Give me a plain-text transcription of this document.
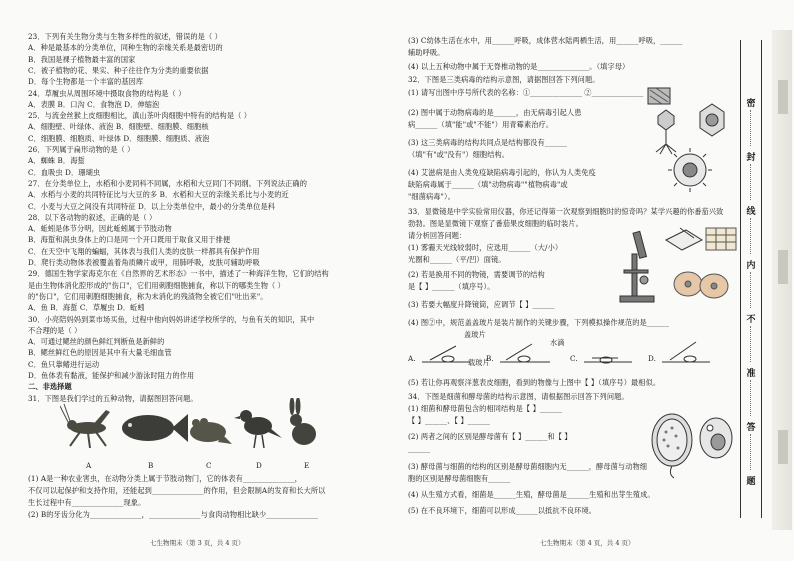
23．下列有关生物分类与生物多样性的叙述，错误的是（ ）
A．种是最基本的分类单位，同种生物的亲缘关系是最密切的
B．我国是裸子植物最丰富的国家
C．被子植物的花、果实、种子往往作为分类的重要依据
D．每个生物都是一个丰富的基因库
24．草履虫从周围环境中摄取食物的结构是（ ）
A．表膜 B．口沟 C．食物泡 D．伸缩泡
25．与流金丝猴上皮细胞相比，滇山茶叶肉细胞中特有的结构是（ ）
A．细胞壁、叶绿体、液泡 B．细胞壁、细胞膜、细胞核
C．细胞膜、细胞质、叶绿体 D．细胞膜、细胞质、液泡
26．下列属于扁形动物的是（ ）
A．蜘蛛 B．海蜇
C．血吸虫 D．珊瑚虫
27．在分类单位上，水稻和小麦同科不同属，水稻和大豆同门不同纲。下列说法正确的
A．水稻与小麦的共同特征比与大豆的多 B．水稻和大豆的亲缘关系比与小麦的近
C．小麦与大豆之间没有共同特征 D．以上分类单位中，最小的分类单位是科
28．以下各动物的叙述，正确的是（ ）
A．蚯蚓是体节分明，因此蚯蚓属于节肢动物
B．海蜇和涡虫身体上的口是同一个开口既用于取食又用于排便
C．在天空中飞翔的蝙蝠，其体表与我们人类的皮肤一样都具有保护作用
D．爬行类动物体表被覆盖着角质鳞片或甲，用肺呼吸，皮肤可辅助呼吸
29．德国生物学家海克尔在《自然界的艺术形态》一书中，描述了一种海洋生物，它们的结构
是由生物体消化腔形成的"伤口"，它们用刺胞细胞捕食，称以下的哪类生物（ ）
的"伤口"，它们用刺胞细胞捕食，称为未消化的残渣物全被它们"吐出来"。
A．鱼 B．海蜇 C．草履虫 D．蚯蚓
30．小亮陪妈妈到菜市场买鱼，过程中他向妈妈讲述学校所学的，与鱼有关的知识，其中
不合理的是（ ）
A．可通过鳃丝的颜色鲜红判断鱼是新鲜的
B．鳃丝鲜红色的原因是其中有大量毛细血管
C．鱼只靠鳍进行运动
D．鱼体表有黏液，能保护和减少游泳时阻力的作用
二、非选择题
31．下图是我们学过的五种动物，请据图回答问题。
A	B	C	D	E
(1) A是一种农业害虫，在动物分类上属于节肢动物门，它的体表有______________，
不仅可以起保护和支持作用，还能起到______________的作用，但会限制A的发育和长大所以
生长过程中有______________现象。
(2) B的牙齿分化为______________，______________与食肉动物相比缺少______________
七生物期末（第 3 页，共 4 页）
(3) C幼体生活在水中，用______呼吸，成体营水陆两栖生活，用______呼吸，______
辅助呼吸。
(4) 以上五种动物中属于无脊椎动物的是______________。（填字母）
32．下图是三类病毒的结构示意图，请据图回答下列问题。
(1) 请写出图中序号所代表的名称：①______________ ②______________
(2) 图中属于动物病毒的是______，由无病毒引起人患
病______（填"能"或"不能"）用青霉素治疗。
(3) 这三类病毒的结构共同点是结构都没有______
（填"有"或"没有"）细胞结构。
(4) 艾滋病是由人类免疫缺陷病毒引起的，你认为人类免疫
缺陷病毒属于______（填"动物病毒""植物病毒"或
"细菌病毒"）。
33．显微镜是中学实验常用仪器，你还记得第一次观察到细胞时的惊奇吗？某学兴趣的你番茄兴致
勃勃。图是显微镜下观察了番茄果皮细胞的临时装片。
请分析回答问题：
(1) 雾霾天光线较弱时，应选用______（大/小）
光圈和______（平/凹）面镜。
(2) 若是换用不同的物镜，需要调节的结构
是【 】______（填序号）。
(3) 若要大幅度升降镜筒，应调节【 】______
(4) 图②中，规范盖盖玻片是装片制作的关键步骤，下列模拟操作规范的是______
A.	B.	C.	D.
盖玻片
水滴
载玻片
(5) 若让你再观察洋葱表皮细胞，看到的物像与上图中【 】（填序号）最相似。
34．下图是细菌和酵母菌的结构示意图，请根据图示回答下列问题。
(1) 细菌和酵母菌包含的相同结构是【 】______
【 】______、【 】______
(2) 两者之间的区别是酵母菌有【 】______和【 】
______
(3) 酵母菌与细菌的结构的区别是酵母菌细胞内无______，酵母菌与动物细
胞的区别是酵母菌细胞有______
(4) 从生殖方式看，细菌是______生殖，酵母菌是______生殖和出芽生殖成。
(5) 在不良环境下，细菌可以形成______以抵抗不良环境。
七生物期末（第 4 页，共 4 页）
密
封
线
内
不
准
答
题
